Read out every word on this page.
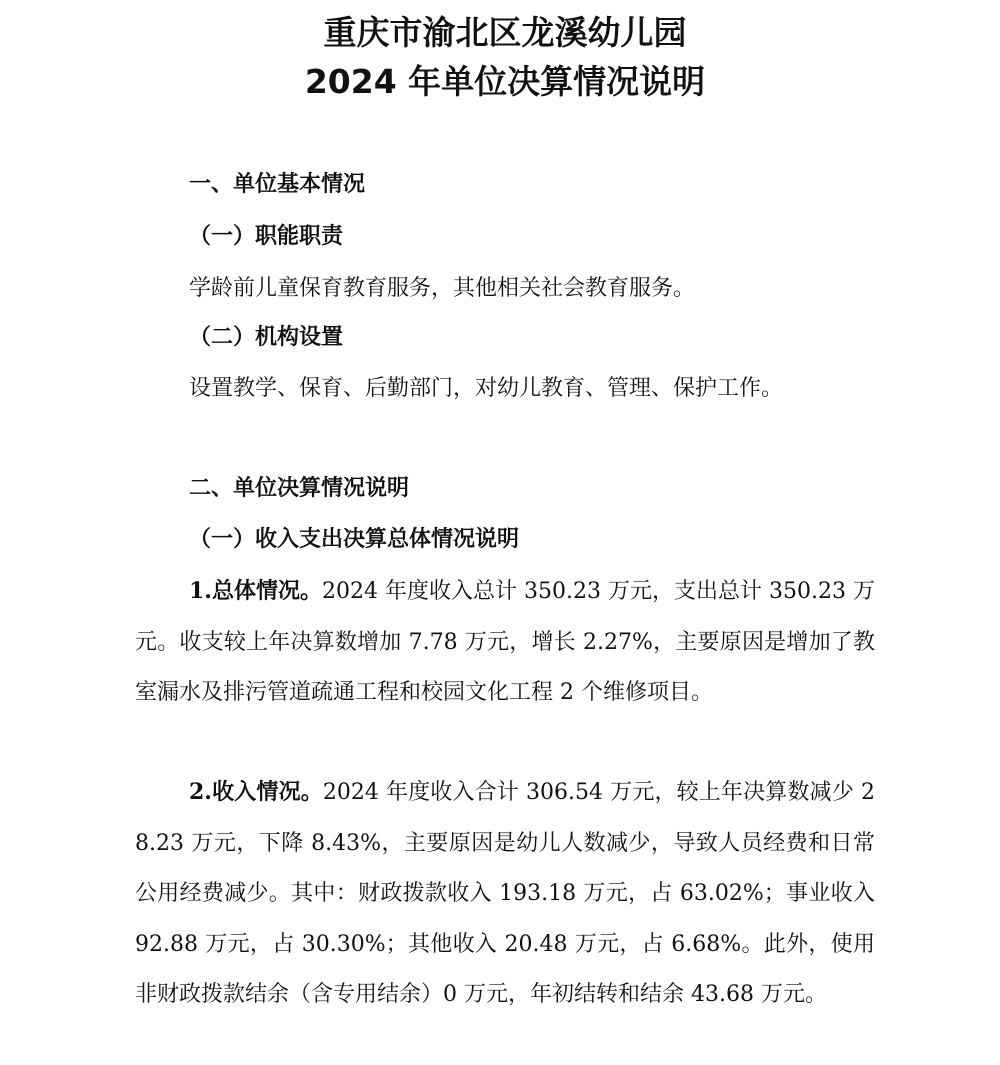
重庆市渝北区龙溪幼儿园
2024 年单位决算情况说明
一、单位基本情况
（一）职能职责

学龄前儿童保育教育服务，其他相关社会教育服务。

（二）机构设置

设置教学、保育、后勤部门，对幼儿教育、管理、保护工作。

二、单位决算情况说明
（一）收入支出决算总体情况说明

1.总体情况。2024 年度收入总计 350.23 万元，支出总计 350.23 万元。收支较上年决算数增加 7.78 万元，增长 2.27%，主要原因是增加了教室漏水及排污管道疏通工程和校园文化工程 2 个维修项目。

2.收入情况。2024 年度收入合计 306.54 万元，较上年决算数减少 28.23 万元，下降 8.43%，主要原因是幼儿人数减少，导致人员经费和日常公用经费减少。其中：财政拨款收入 193.18 万元，占 63.02%；事业收入 92.88 万元，占 30.30%；其他收入 20.48 万元，占 6.68%。此外，使用非财政拨款结余（含专用结余）0 万元，年初结转和结余 43.68 万元。
